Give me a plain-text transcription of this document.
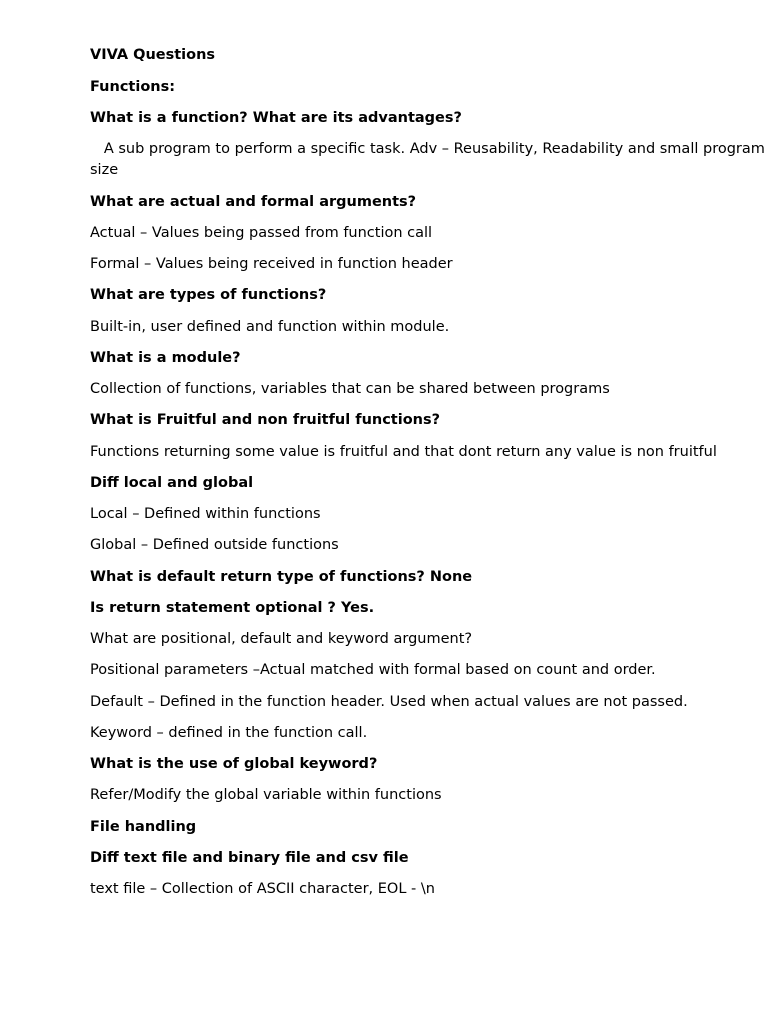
VIVA Questions
Functions:
What is a function? What are its advantages?
A sub program to perform a specific task. Adv – Reusability, Readability and small program
size
What are actual and formal arguments?
Actual – Values being passed from function call
Formal – Values being received in function header
What are types of functions?
Built-in, user defined and function within module.
What is a module?
Collection of functions, variables that can be shared between programs
What is Fruitful and non fruitful functions?
Functions returning some value is fruitful and that dont return any value is non fruitful
Diff local and global
Local – Defined within functions
Global – Defined outside functions
What is default return type of functions? None
Is return statement optional ? Yes.
What are positional, default and keyword argument?
Positional parameters –Actual matched with formal based on count and order.
Default – Defined in the function header. Used when actual values are not passed.
Keyword – defined in the function call.
What is the use of global keyword?
Refer/Modify the global variable within functions
File handling
Diff text file and binary file and csv file
text file – Collection of ASCII character, EOL - \n
